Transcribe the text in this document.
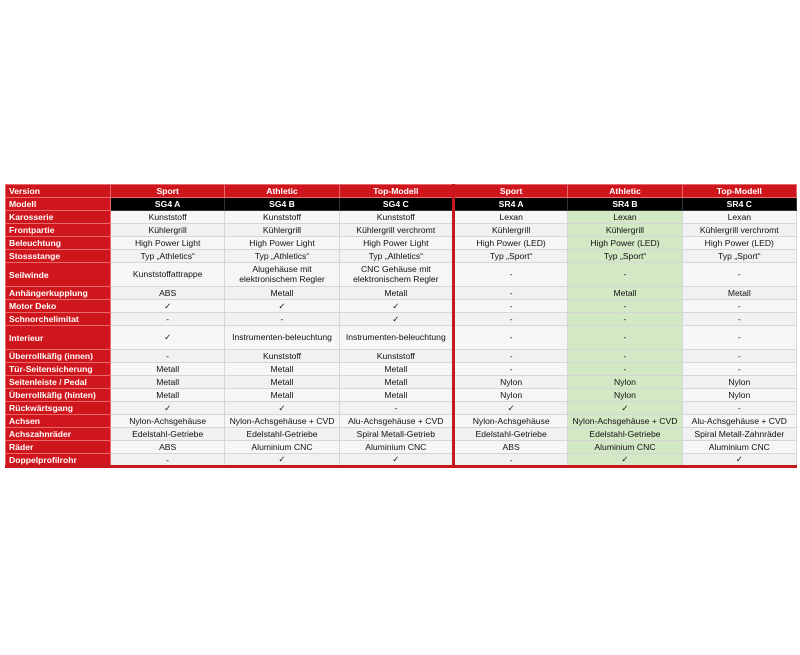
Version	Sport	Athletic	Top-Modell	Sport	Athletic	Top-Modell
Modell	SG4 A	SG4 B	SG4 C	SR4 A	SR4 B	SR4 C
Karosserie	Kunststoff	Kunststoff	Kunststoff	Lexan	Lexan	Lexan
Frontpartie	Kühlergrill	Kühlergrill	Kühlergrill verchromt	Kühlergrill	Kühlergrill	Kühlergrill verchromt
Beleuchtung	High Power Light	High Power Light	High Power Light	High Power (LED)	High Power (LED)	High Power (LED)
Stossstange	Typ „Athletics“	Typ „Athletics“	Typ „Athletics“	Typ „Sport“	Typ „Sport“	Typ „Sport“
Seilwinde	Kunststoffattrappe	Alugehäuse mit elektronischem Regler	CNC Gehäuse mit elektronischem Regler	-	-	-
Anhängerkupplung	ABS	Metall	Metall	-	Metall	Metall
Motor Deko	✓	✓	✓	-	-	-
Schnorchelimitat	-	-	✓	-	-	-
Interieur	✓	Instrumenten-beleuchtung	Instrumenten-beleuchtung	-	-	-
Überrollkäfig (innen)	-	Kunststoff	Kunststoff	-	-	-
Tür-Seitensicherung	Metall	Metall	Metall	-	-	-
Seitenleiste / Pedal	Metall	Metall	Metall	Nylon	Nylon	Nylon
Überrollkäfig (hinten)	Metall	Metall	Metall	Nylon	Nylon	Nylon
Rückwärtsgang	✓	✓	-	✓	✓	-
Achsen	Nylon-Achsgehäuse	Nylon-Achsgehäuse + CVD	Alu-Achsgehäuse + CVD	Nylon-Achsgehäuse	Nylon-Achsgehäuse + CVD	Alu-Achsgehäuse + CVD
Achszahnräder	Edelstahl-Getriebe	Edelstahl-Getriebe	Spiral Metall-Getrieb	Edelstahl-Getriebe	Edelstahl-Getriebe	Spiral Metall-Zahnräder
Räder	ABS	Aluminium CNC	Aluminium CNC	ABS	Aluminium CNC	Aluminium CNC
Doppelprofilrohr	-	✓	✓	-	✓	✓
